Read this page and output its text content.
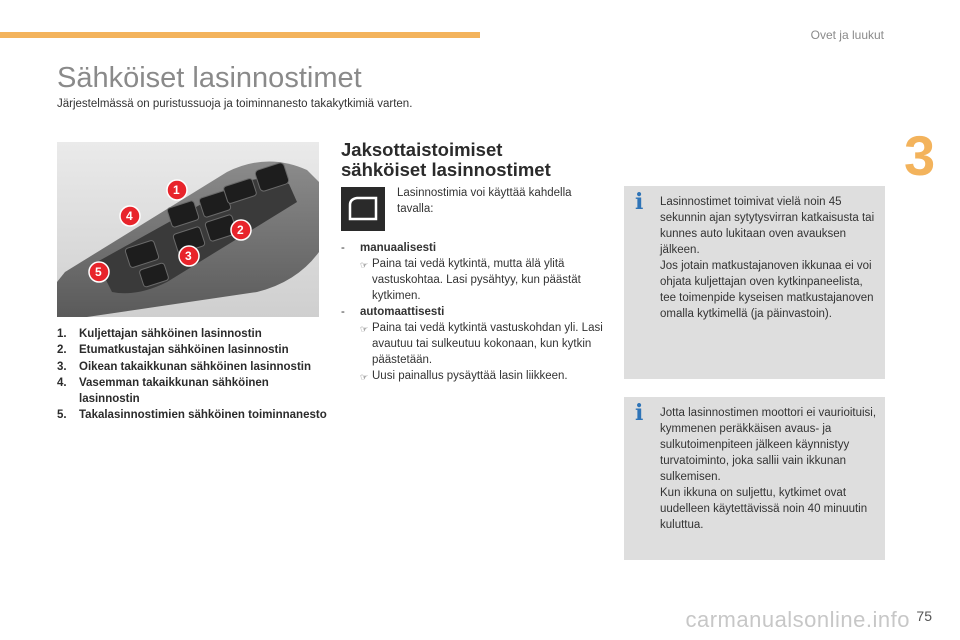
Ovet ja luukut
3
Sähköiset lasinnostimet
Järjestelmässä on puristussuoja ja toiminnanesto takakytkimiä varten.
1
2
3
4
5
1.	Kuljettajan sähköinen lasinnostin
2.	Etumatkustajan sähköinen lasinnostin
3.	Oikean takaikkunan sähköinen lasinnostin
4.	Vasemman takaikkunan sähköinen lasinnostin
5.	Takalasinnostimien sähköinen toiminnanesto
Jaksottaistoimiset
sähköiset lasinnostimet
Lasinnostimia voi käyttää kahdella tavalla:
-	manuaalisesti
☞ Paina tai vedä kytkintä, mutta älä ylitä vastuskohtaa. Lasi pysähtyy, kun päästät kytkimen.
-	automaattisesti
☞ Paina tai vedä kytkintä vastuskohdan yli. Lasi avautuu tai sulkeutuu kokonaan, kun kytkin päästetään.
☞ Uusi painallus pysäyttää lasin liikkeen.
i Lasinnostimet toimivat vielä noin 45 sekunnin ajan sytytysvirran katkaisusta tai kunnes auto lukitaan oven avauksen jälkeen.
Jos jotain matkustajanoven ikkunaa ei voi ohjata kuljettajan oven kytkinpaneelista, tee toimenpide kyseisen matkustajanoven omalla kytkimellä (ja päinvastoin).
i Jotta lasinnostimen moottori ei vaurioituisi, kymmenen peräkkäisen avaus- ja sulkutoimenpiteen jälkeen käynnistyy turvatoiminto, joka sallii vain ikkunan sulkemisen.
Kun ikkuna on suljettu, kytkimet ovat uudelleen käytettävissä noin 40 minuutin kuluttua.
carmanualsonline.info 75
